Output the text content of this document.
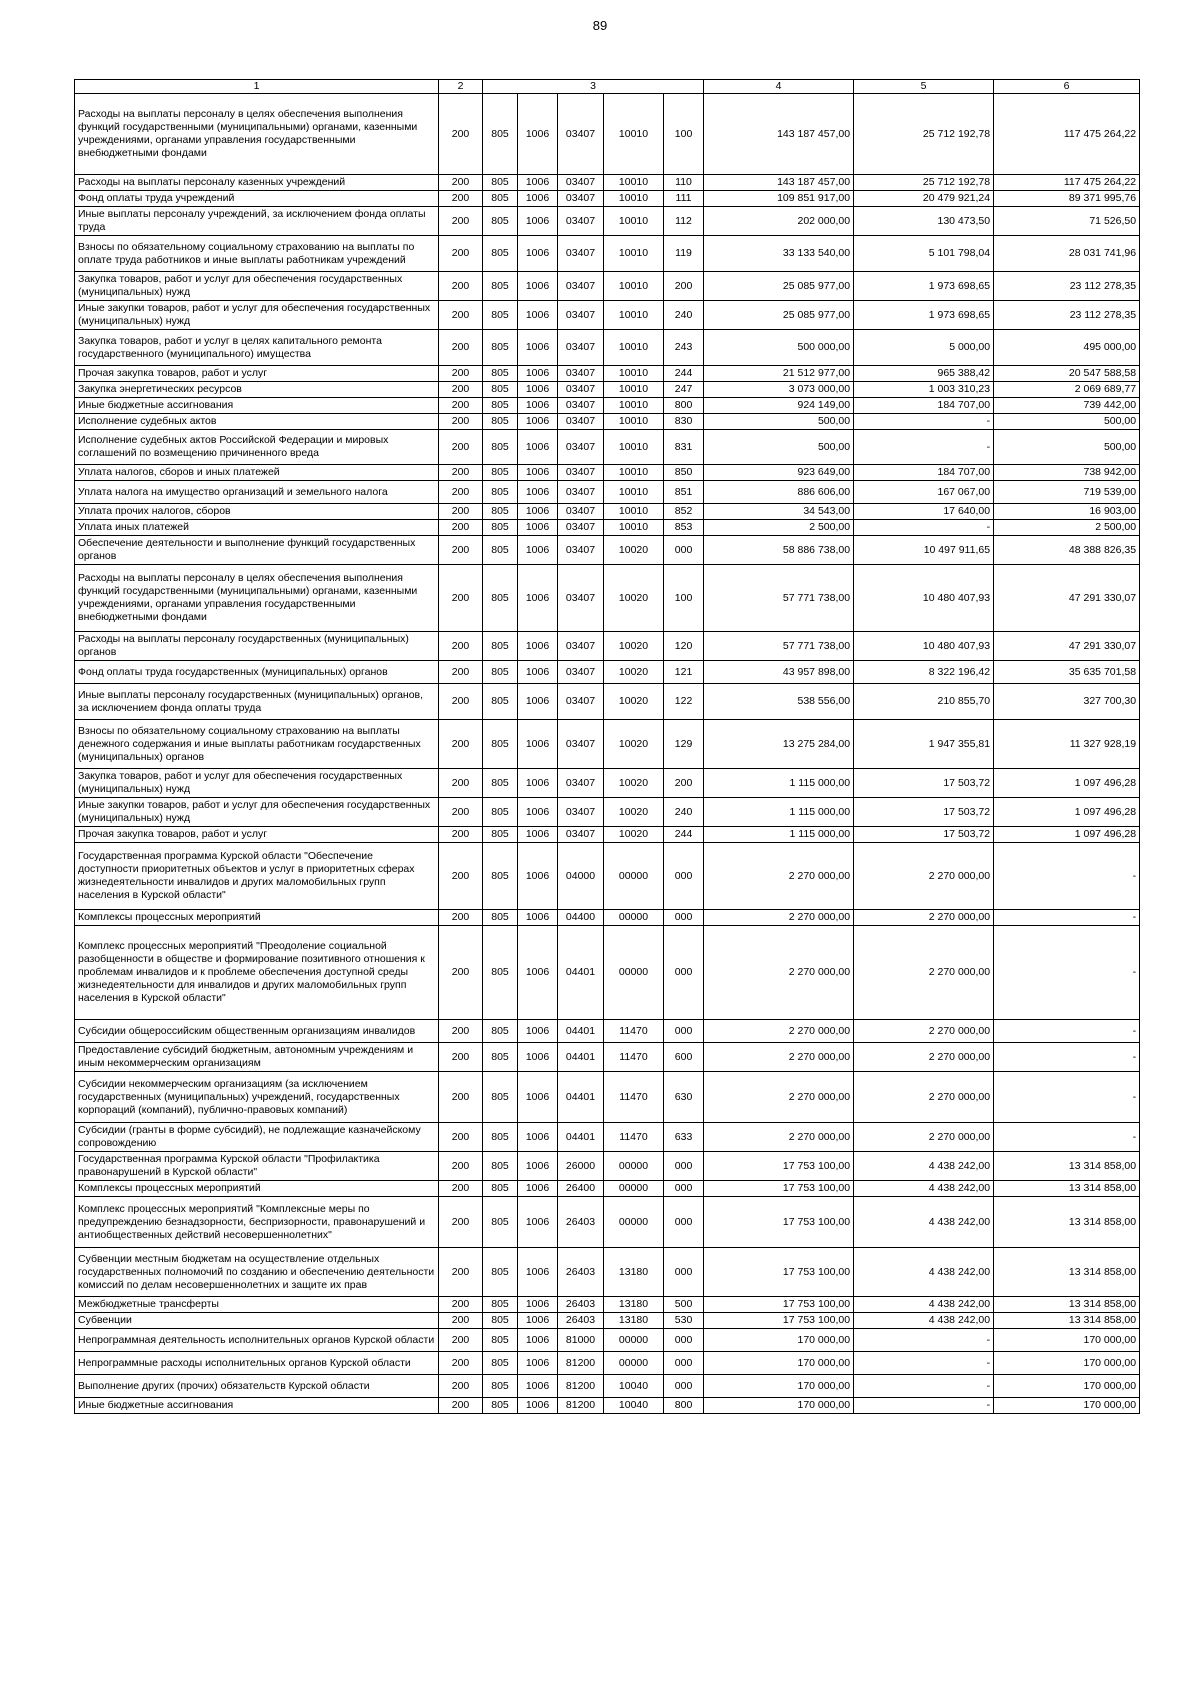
89
1	2	3					4	5	6
Расходы на выплаты персоналу в целях обеспечения выполнения функций государственными (муниципальными) органами, казенными учреждениями, органами управления государственными внебюджетными фондами	200	805	1006	03407	10010	100	143 187 457,00	25 712 192,78	117 475 264,22
Расходы на выплаты персоналу казенных учреждений	200	805	1006	03407	10010	110	143 187 457,00	25 712 192,78	117 475 264,22
Фонд оплаты труда учреждений	200	805	1006	03407	10010	111	109 851 917,00	20 479 921,24	89 371 995,76
Иные выплаты персоналу учреждений, за исключением фонда оплаты труда	200	805	1006	03407	10010	112	202 000,00	130 473,50	71 526,50
Взносы по обязательному социальному страхованию на выплаты по оплате труда работников и иные выплаты работникам учреждений	200	805	1006	03407	10010	119	33 133 540,00	5 101 798,04	28 031 741,96
Закупка товаров, работ и услуг для обеспечения государственных (муниципальных) нужд	200	805	1006	03407	10010	200	25 085 977,00	1 973 698,65	23 112 278,35
Иные закупки товаров, работ и услуг для обеспечения государственных (муниципальных) нужд	200	805	1006	03407	10010	240	25 085 977,00	1 973 698,65	23 112 278,35
Закупка товаров, работ и услуг в целях капитального ремонта государственного (муниципального) имущества	200	805	1006	03407	10010	243	500 000,00	5 000,00	495 000,00
Прочая закупка товаров, работ и услуг	200	805	1006	03407	10010	244	21 512 977,00	965 388,42	20 547 588,58
Закупка энергетических ресурсов	200	805	1006	03407	10010	247	3 073 000,00	1 003 310,23	2 069 689,77
Иные бюджетные ассигнования	200	805	1006	03407	10010	800	924 149,00	184 707,00	739 442,00
Исполнение судебных актов	200	805	1006	03407	10010	830	500,00	-	500,00
Исполнение судебных актов Российской Федерации и мировых соглашений по возмещению причиненного вреда	200	805	1006	03407	10010	831	500,00	-	500,00
Уплата налогов, сборов и иных платежей	200	805	1006	03407	10010	850	923 649,00	184 707,00	738 942,00
Уплата налога на имущество организаций и земельного налога	200	805	1006	03407	10010	851	886 606,00	167 067,00	719 539,00
Уплата прочих налогов, сборов	200	805	1006	03407	10010	852	34 543,00	17 640,00	16 903,00
Уплата иных платежей	200	805	1006	03407	10010	853	2 500,00	-	2 500,00
Обеспечение деятельности и выполнение функций государственных органов	200	805	1006	03407	10020	000	58 886 738,00	10 497 911,65	48 388 826,35
Расходы на выплаты персоналу в целях обеспечения выполнения функций государственными (муниципальными) органами, казенными учреждениями, органами управления государственными внебюджетными фондами	200	805	1006	03407	10020	100	57 771 738,00	10 480 407,93	47 291 330,07
Расходы на выплаты персоналу государственных (муниципальных) органов	200	805	1006	03407	10020	120	57 771 738,00	10 480 407,93	47 291 330,07
Фонд оплаты труда государственных (муниципальных) органов	200	805	1006	03407	10020	121	43 957 898,00	8 322 196,42	35 635 701,58
Иные выплаты персоналу государственных (муниципальных) органов, за исключением фонда оплаты труда	200	805	1006	03407	10020	122	538 556,00	210 855,70	327 700,30
Взносы по обязательному социальному страхованию на выплаты денежного содержания и иные выплаты работникам государственных (муниципальных) органов	200	805	1006	03407	10020	129	13 275 284,00	1 947 355,81	11 327 928,19
Закупка товаров, работ и услуг для обеспечения государственных (муниципальных) нужд	200	805	1006	03407	10020	200	1 115 000,00	17 503,72	1 097 496,28
Иные закупки товаров, работ и услуг для обеспечения государственных (муниципальных) нужд	200	805	1006	03407	10020	240	1 115 000,00	17 503,72	1 097 496,28
Прочая закупка товаров, работ и услуг	200	805	1006	03407	10020	244	1 115 000,00	17 503,72	1 097 496,28
Государственная программа Курской области "Обеспечение доступности приоритетных объектов и услуг в приоритетных сферах жизнедеятельности инвалидов и других маломобильных групп населения в Курской области"	200	805	1006	04000	00000	000	2 270 000,00	2 270 000,00	-
Комплексы процессных мероприятий	200	805	1006	04400	00000	000	2 270 000,00	2 270 000,00	-
Комплекс процессных мероприятий "Преодоление социальной разобщенности в обществе и формирование позитивного отношения к проблемам инвалидов и к проблеме обеспечения доступной среды жизнедеятельности для инвалидов и других маломобильных групп населения в Курской области"	200	805	1006	04401	00000	000	2 270 000,00	2 270 000,00	-
Субсидии общероссийским общественным организациям инвалидов	200	805	1006	04401	11470	000	2 270 000,00	2 270 000,00	-
Предоставление субсидий бюджетным, автономным учреждениям и иным некоммерческим организациям	200	805	1006	04401	11470	600	2 270 000,00	2 270 000,00	-
Субсидии некоммерческим организациям (за исключением государственных (муниципальных) учреждений, государственных корпораций (компаний), публично-правовых компаний)	200	805	1006	04401	11470	630	2 270 000,00	2 270 000,00	-
Субсидии (гранты в форме субсидий), не подлежащие казначейскому сопровождению	200	805	1006	04401	11470	633	2 270 000,00	2 270 000,00	-
Государственная программа Курской области "Профилактика правонарушений в Курской области"	200	805	1006	26000	00000	000	17 753 100,00	4 438 242,00	13 314 858,00
Комплексы процессных мероприятий	200	805	1006	26400	00000	000	17 753 100,00	4 438 242,00	13 314 858,00
Комплекс процессных мероприятий "Комплексные меры по предупреждению безнадзорности, беспризорности, правонарушений и антиобщественных действий несовершеннолетних"	200	805	1006	26403	00000	000	17 753 100,00	4 438 242,00	13 314 858,00
Субвенции местным бюджетам на осуществление отдельных государственных полномочий по созданию и обеспечению деятельности комиссий по делам несовершеннолетних и защите их прав	200	805	1006	26403	13180	000	17 753 100,00	4 438 242,00	13 314 858,00
Межбюджетные трансферты	200	805	1006	26403	13180	500	17 753 100,00	4 438 242,00	13 314 858,00
Субвенции	200	805	1006	26403	13180	530	17 753 100,00	4 438 242,00	13 314 858,00
Непрограммная деятельность исполнительных органов Курской области	200	805	1006	81000	00000	000	170 000,00	-	170 000,00
Непрограммные расходы исполнительных органов Курской области	200	805	1006	81200	00000	000	170 000,00	-	170 000,00
Выполнение других (прочих) обязательств Курской области	200	805	1006	81200	10040	000	170 000,00	-	170 000,00
Иные бюджетные ассигнования	200	805	1006	81200	10040	800	170 000,00	-	170 000,00
